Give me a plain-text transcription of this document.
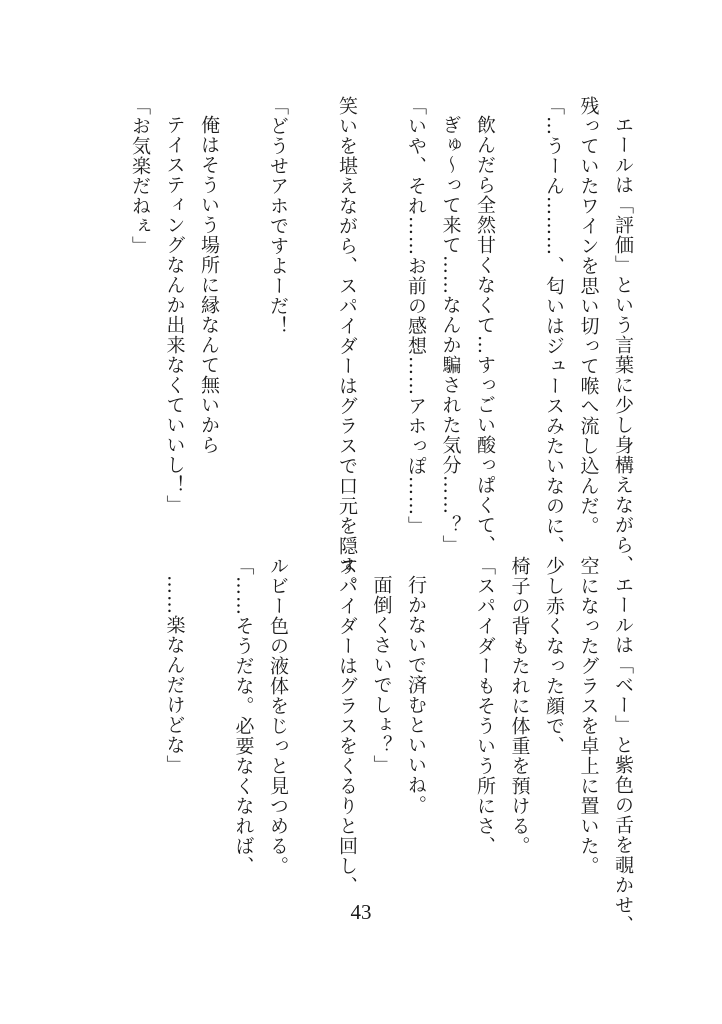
エールは「評価」という言葉に少し身構えながら、
残っていたワインを思い切って喉へ流し込んだ。
「…うーん………、匂いはジュースみたいなのに、
飲んだら全然甘くなくて…すっごい酸っぱくて、
ぎゅ～って来て……なんか騙された気分……？」
「いや、それ……お前の感想……アホっぽ……」
笑いを堪えながら、スパイダーはグラスで口元を隠す。
「どうせアホですよーだ！
俺はそういう場所に縁なんて無いから
テイスティングなんか出来なくていいし！」
「お気楽だねぇ」
エールは「ベー」と紫色の舌を覗かせ、
空になったグラスを卓上に置いた。
少し赤くなった顔で、
椅子の背もたれに体重を預ける。
「スパイダーもそういう所にさ、
行かないで済むといいね。
面倒くさいでしょ？」
スパイダーはグラスをくるりと回し、
ルビー色の液体をじっと見つめる。
「……そうだな。必要なくなれば、
……楽なんだけどな」
43
